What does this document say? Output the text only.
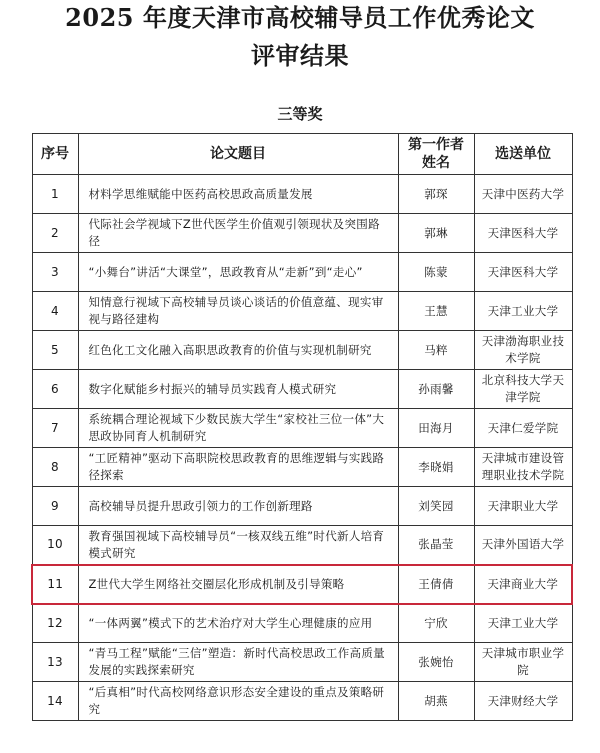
2025 年度天津市高校辅导员工作优秀论文
评审结果
三等奖
序号	论文题目	第一作者姓名	选送单位
1	材料学思维赋能中医药高校思政高质量发展	郭琛	天津中医药大学
2	代际社会学视域下Z世代医学生价值观引领现状及突围路径	郭琳	天津医科大学
3	“小舞台”讲活“大课堂”，思政教育从“走新”到“走心”	陈蒙	天津医科大学
4	知情意行视域下高校辅导员谈心谈话的价值意蕴、现实审视与路径建构	王慧	天津工业大学
5	红色化工文化融入高职思政教育的价值与实现机制研究	马粹	天津渤海职业技术学院
6	数字化赋能乡村振兴的辅导员实践育人模式研究	孙雨馨	北京科技大学天津学院
7	系统耦合理论视域下少数民族大学生“家校社三位一体”大思政协同育人机制研究	田海月	天津仁爱学院
8	“工匠精神”驱动下高职院校思政教育的思维逻辑与实践路径探索	李晓娟	天津城市建设管理职业技术学院
9	高校辅导员提升思政引领力的工作创新理路	刘笑园	天津职业大学
10	教育强国视域下高校辅导员“一核双线五维”时代新人培育模式研究	张晶莹	天津外国语大学
11	Z世代大学生网络社交圈层化形成机制及引导策略	王倩倩	天津商业大学
12	“一体两翼”模式下的艺术治疗对大学生心理健康的应用	宁欣	天津工业大学
13	“青马工程”赋能“三信”塑造：新时代高校思政工作高质量发展的实践探索研究	张婉怡	天津城市职业学院
14	“后真相”时代高校网络意识形态安全建设的重点及策略研究	胡燕	天津财经大学
